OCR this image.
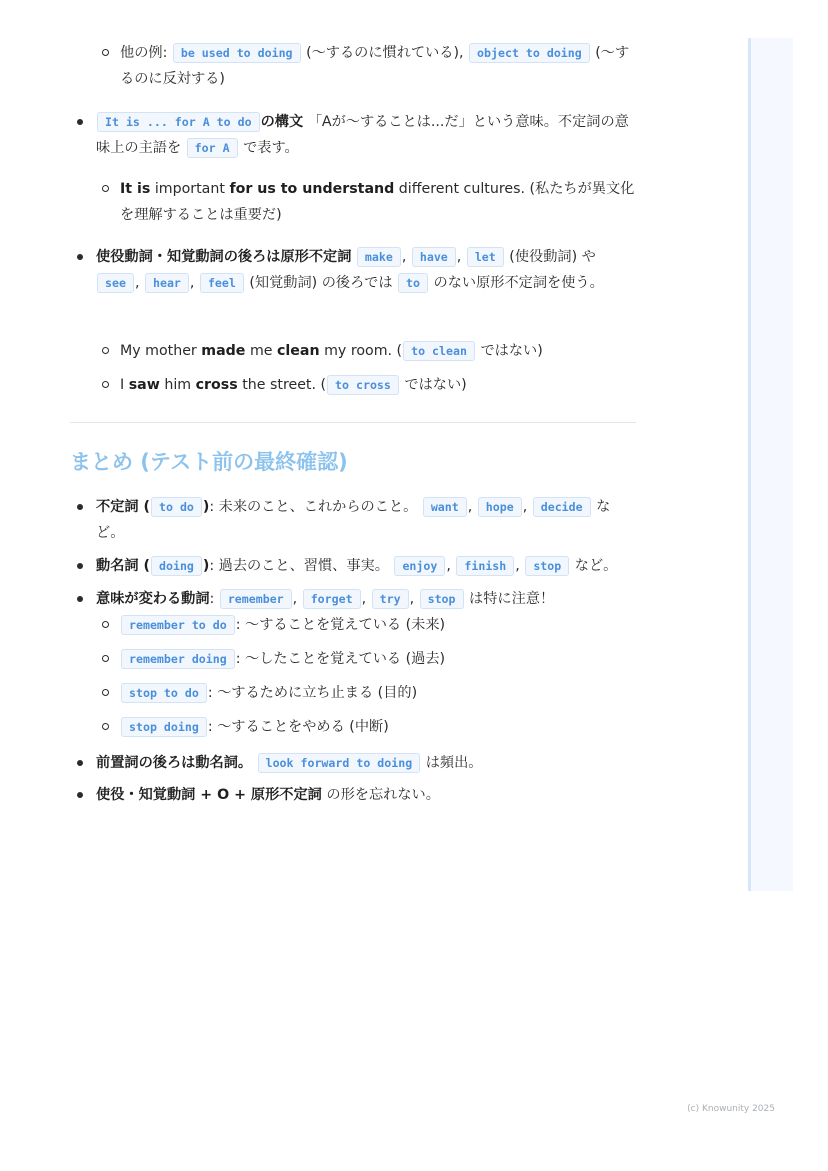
他の例: be used to doing (〜するのに慣れている), object to doing (〜するのに反対する)
It is ... for A to do の構文 「Aが〜することは...だ」という意味。不定詞の意味上の主語を for A で表す。
It is important for us to understand different cultures. (私たちが異文化を理解することは重要だ)
使役動詞・知覚動詞の後ろは原形不定詞 make , have , let (使役動詞) や see , hear , feel (知覚動詞) の後ろでは to のない原形不定詞を使う。
My mother made me clean my room. ( to clean ではない)
I saw him cross the street. ( to cross ではない)
まとめ (テスト前の最終確認)
不定詞 ( to do ): 未来のこと、これからのこと。 want , hope , decide など。
動名詞 ( doing ): 過去のこと、習慣、事実。 enjoy , finish , stop など。
意味が変わる動詞: remember , forget , try , stop は特に注意！
remember to do : 〜することを覚えている (未来)
remember doing : 〜したことを覚えている (過去)
stop to do : 〜するために立ち止まる (目的)
stop doing : 〜することをやめる (中断)
前置詞の後ろは動名詞。 look forward to doing は頻出。
使役・知覚動詞 + O + 原形不定詞 の形を忘れない。
(c) Knowunity 2025
